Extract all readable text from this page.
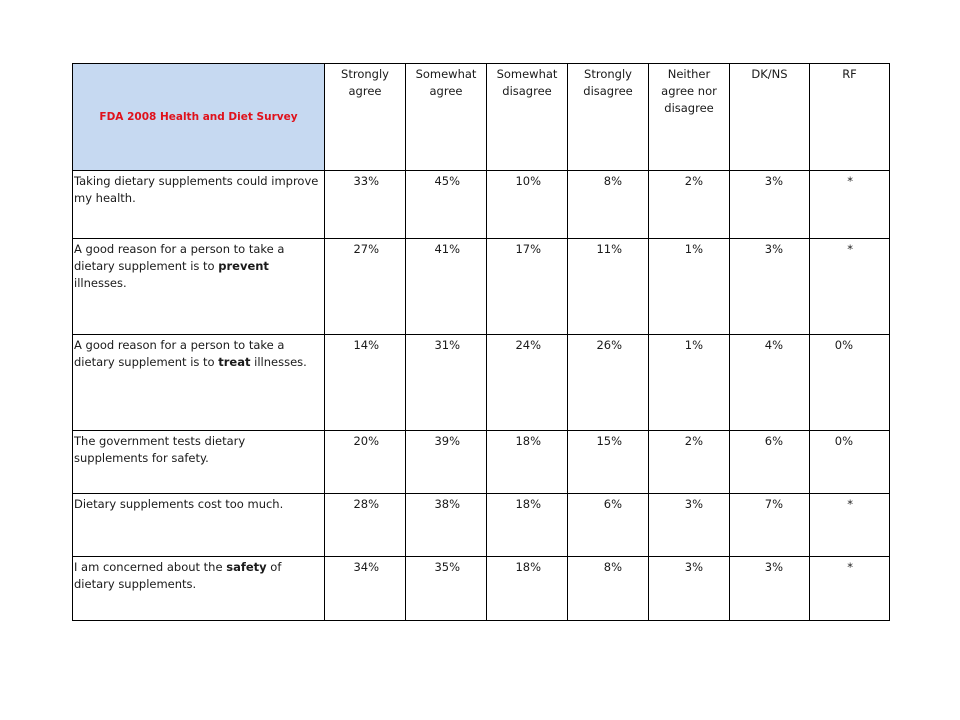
FDA 2008 Health and Diet Survey	Strongly agree	Somewhat agree	Somewhat disagree	Strongly disagree	Neither agree nor disagree	DK/NS	RF
Taking dietary supplements could improve my health.	33%	45%	10%	8%	2%	3%	*
A good reason for a person to take a dietary supplement is to prevent illnesses.	27%	41%	17%	11%	1%	3%	*
A good reason for a person to take a dietary supplement is to treat illnesses.	14%	31%	24%	26%	1%	4%	0%
The government tests dietary supplements for safety.	20%	39%	18%	15%	2%	6%	0%
Dietary supplements cost too much.	28%	38%	18%	6%	3%	7%	*
I am concerned about the safety of dietary supplements.	34%	35%	18%	8%	3%	3%	*
